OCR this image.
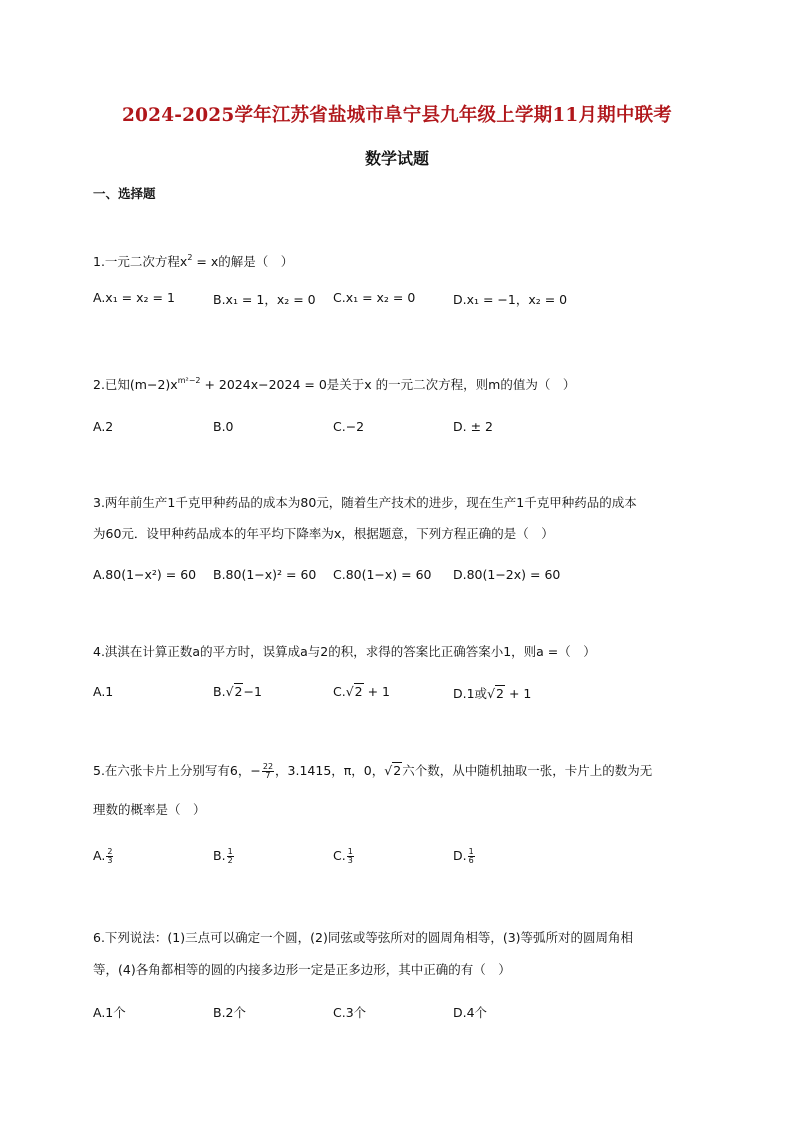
2024-2025学年江苏省盐城市阜宁县九年级上学期11月期中联考
数学试题
一、选择题
1.一元二次方程$x^2 = x$的解是（　）
A.x₁ = x₂ = 1	B.x₁ = 1，x₂ = 0 C.x₁ = x₂ = 0	D.x₁ = −1，x₂ = 0
2.已知$(m-2)x^{m^2-2} + 2024x-2024 = 0$是关于x 的一元二次方程，则m的值为（　）
A.2	B.0	C.−2	D. ± 2
3.两年前生产1千克甲种药品的成本为80元，随着生产技术的进步，现在生产1千克甲种药品的成本
为60元．设甲种药品成本的年平均下降率为x，根据题意，下列方程正确的是（　）
A.80(1−x²) = 60 B.80(1−x)² = 60 C.80(1−x) = 60 D.80(1−2x) = 60
4.淇淇在计算正数a的平方时，误算成a与2的积，求得的答案比正确答案小1，则a =（　）
A.1	B.√2−1	C.√2 + 1	D.1或√2 + 1
5.在六张卡片上分别写有6，− $\frac{22}{7}$ ，3.1415，π，0，√2六个数，从中随机抽取一张，卡片上的数为无
理数的概率是（　）
A. $\frac{2}{3}$	B. $\frac{1}{2}$	C. $\frac{1}{3}$	D. $\frac{1}{6}$
6.下列说法：(1)三点可以确定一个圆，(2)同弦或等弦所对的圆周角相等，(3)等弧所对的圆周角相
等，(4)各角都相等的圆的内接多边形一定是正多边形，其中正确的有（　）
A.1个	B.2个	C.3个	D.4个
